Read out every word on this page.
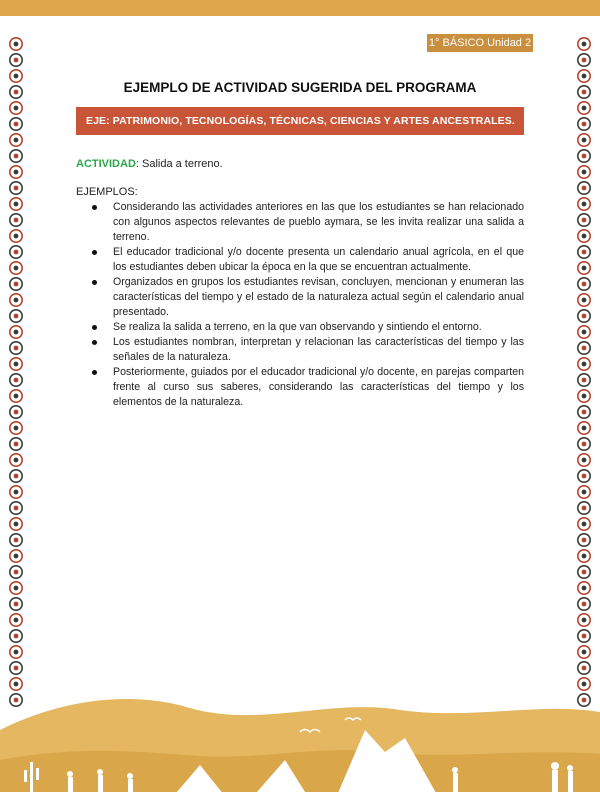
1° BÁSICO Unidad 2
EJEMPLO DE ACTIVIDAD SUGERIDA DEL PROGRAMA
EJE: PATRIMONIO, TECNOLOGÍAS, TÉCNICAS, CIENCIAS Y ARTES ANCESTRALES.
ACTIVIDAD: Salida a terreno.
EJEMPLOS:
Considerando las actividades anteriores en las que los estudiantes se han relacionado con algunos aspectos relevantes de pueblo aymara, se les invita realizar una salida a terreno.
El educador tradicional y/o docente presenta un calendario anual agrícola, en el que los estudiantes deben ubicar la época en la que se encuentran actualmente.
Organizados en grupos los estudiantes revisan, concluyen, mencionan y enumeran las características del tiempo y el estado de la naturaleza actual según el calendario anual presentado.
Se realiza la salida a terreno, en la que van observando y sintiendo el entorno.
Los estudiantes nombran, interpretan y relacionan las características del tiempo y las señales de la naturaleza.
Posteriormente, guiados por el educador tradicional y/o docente, en parejas comparten frente al curso sus saberes, considerando las características del tiempo y los elementos de la naturaleza.
